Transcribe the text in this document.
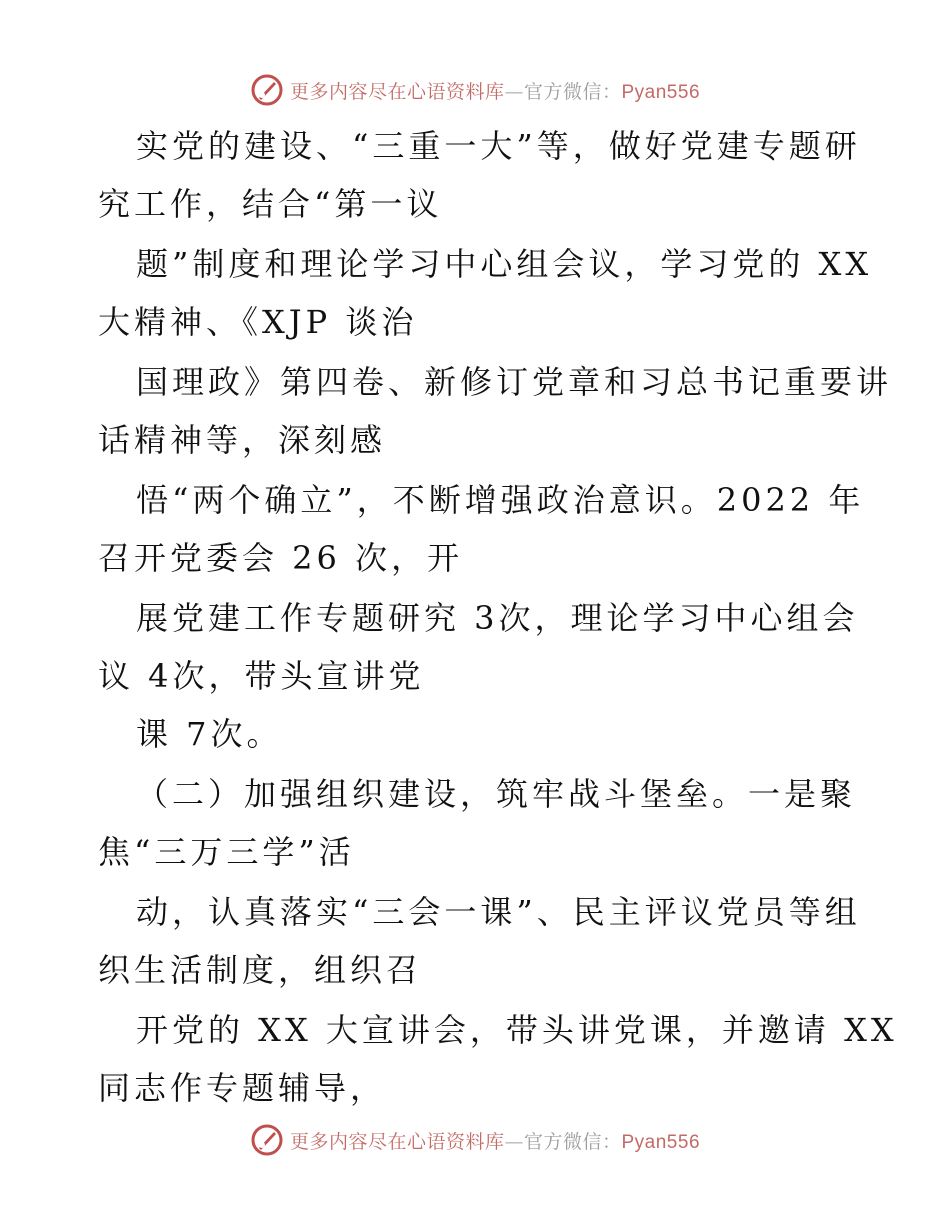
更多内容尽在心语资料库—官方微信：Pyan556
实党的建设、“三重一大”等，做好党建专题研
究工作，结合“第一议
题”制度和理论学习中心组会议，学习党的 XX
大精神、《XJP 谈治
国理政》第四卷、新修订党章和习总书记重要讲
话精神等，深刻感
悟“两个确立”，不断增强政治意识。2022 年
召开党委会 26 次，开
展党建工作专题研究 3次，理论学习中心组会
议 4次，带头宣讲党
课 7次。
（二）加强组织建设，筑牢战斗堡垒。一是聚
焦“三万三学”活
动，认真落实“三会一课”、民主评议党员等组
织生活制度，组织召
开党的 XX 大宣讲会，带头讲党课，并邀请 XX
同志作专题辅导，
更多内容尽在心语资料库—官方微信：Pyan556
